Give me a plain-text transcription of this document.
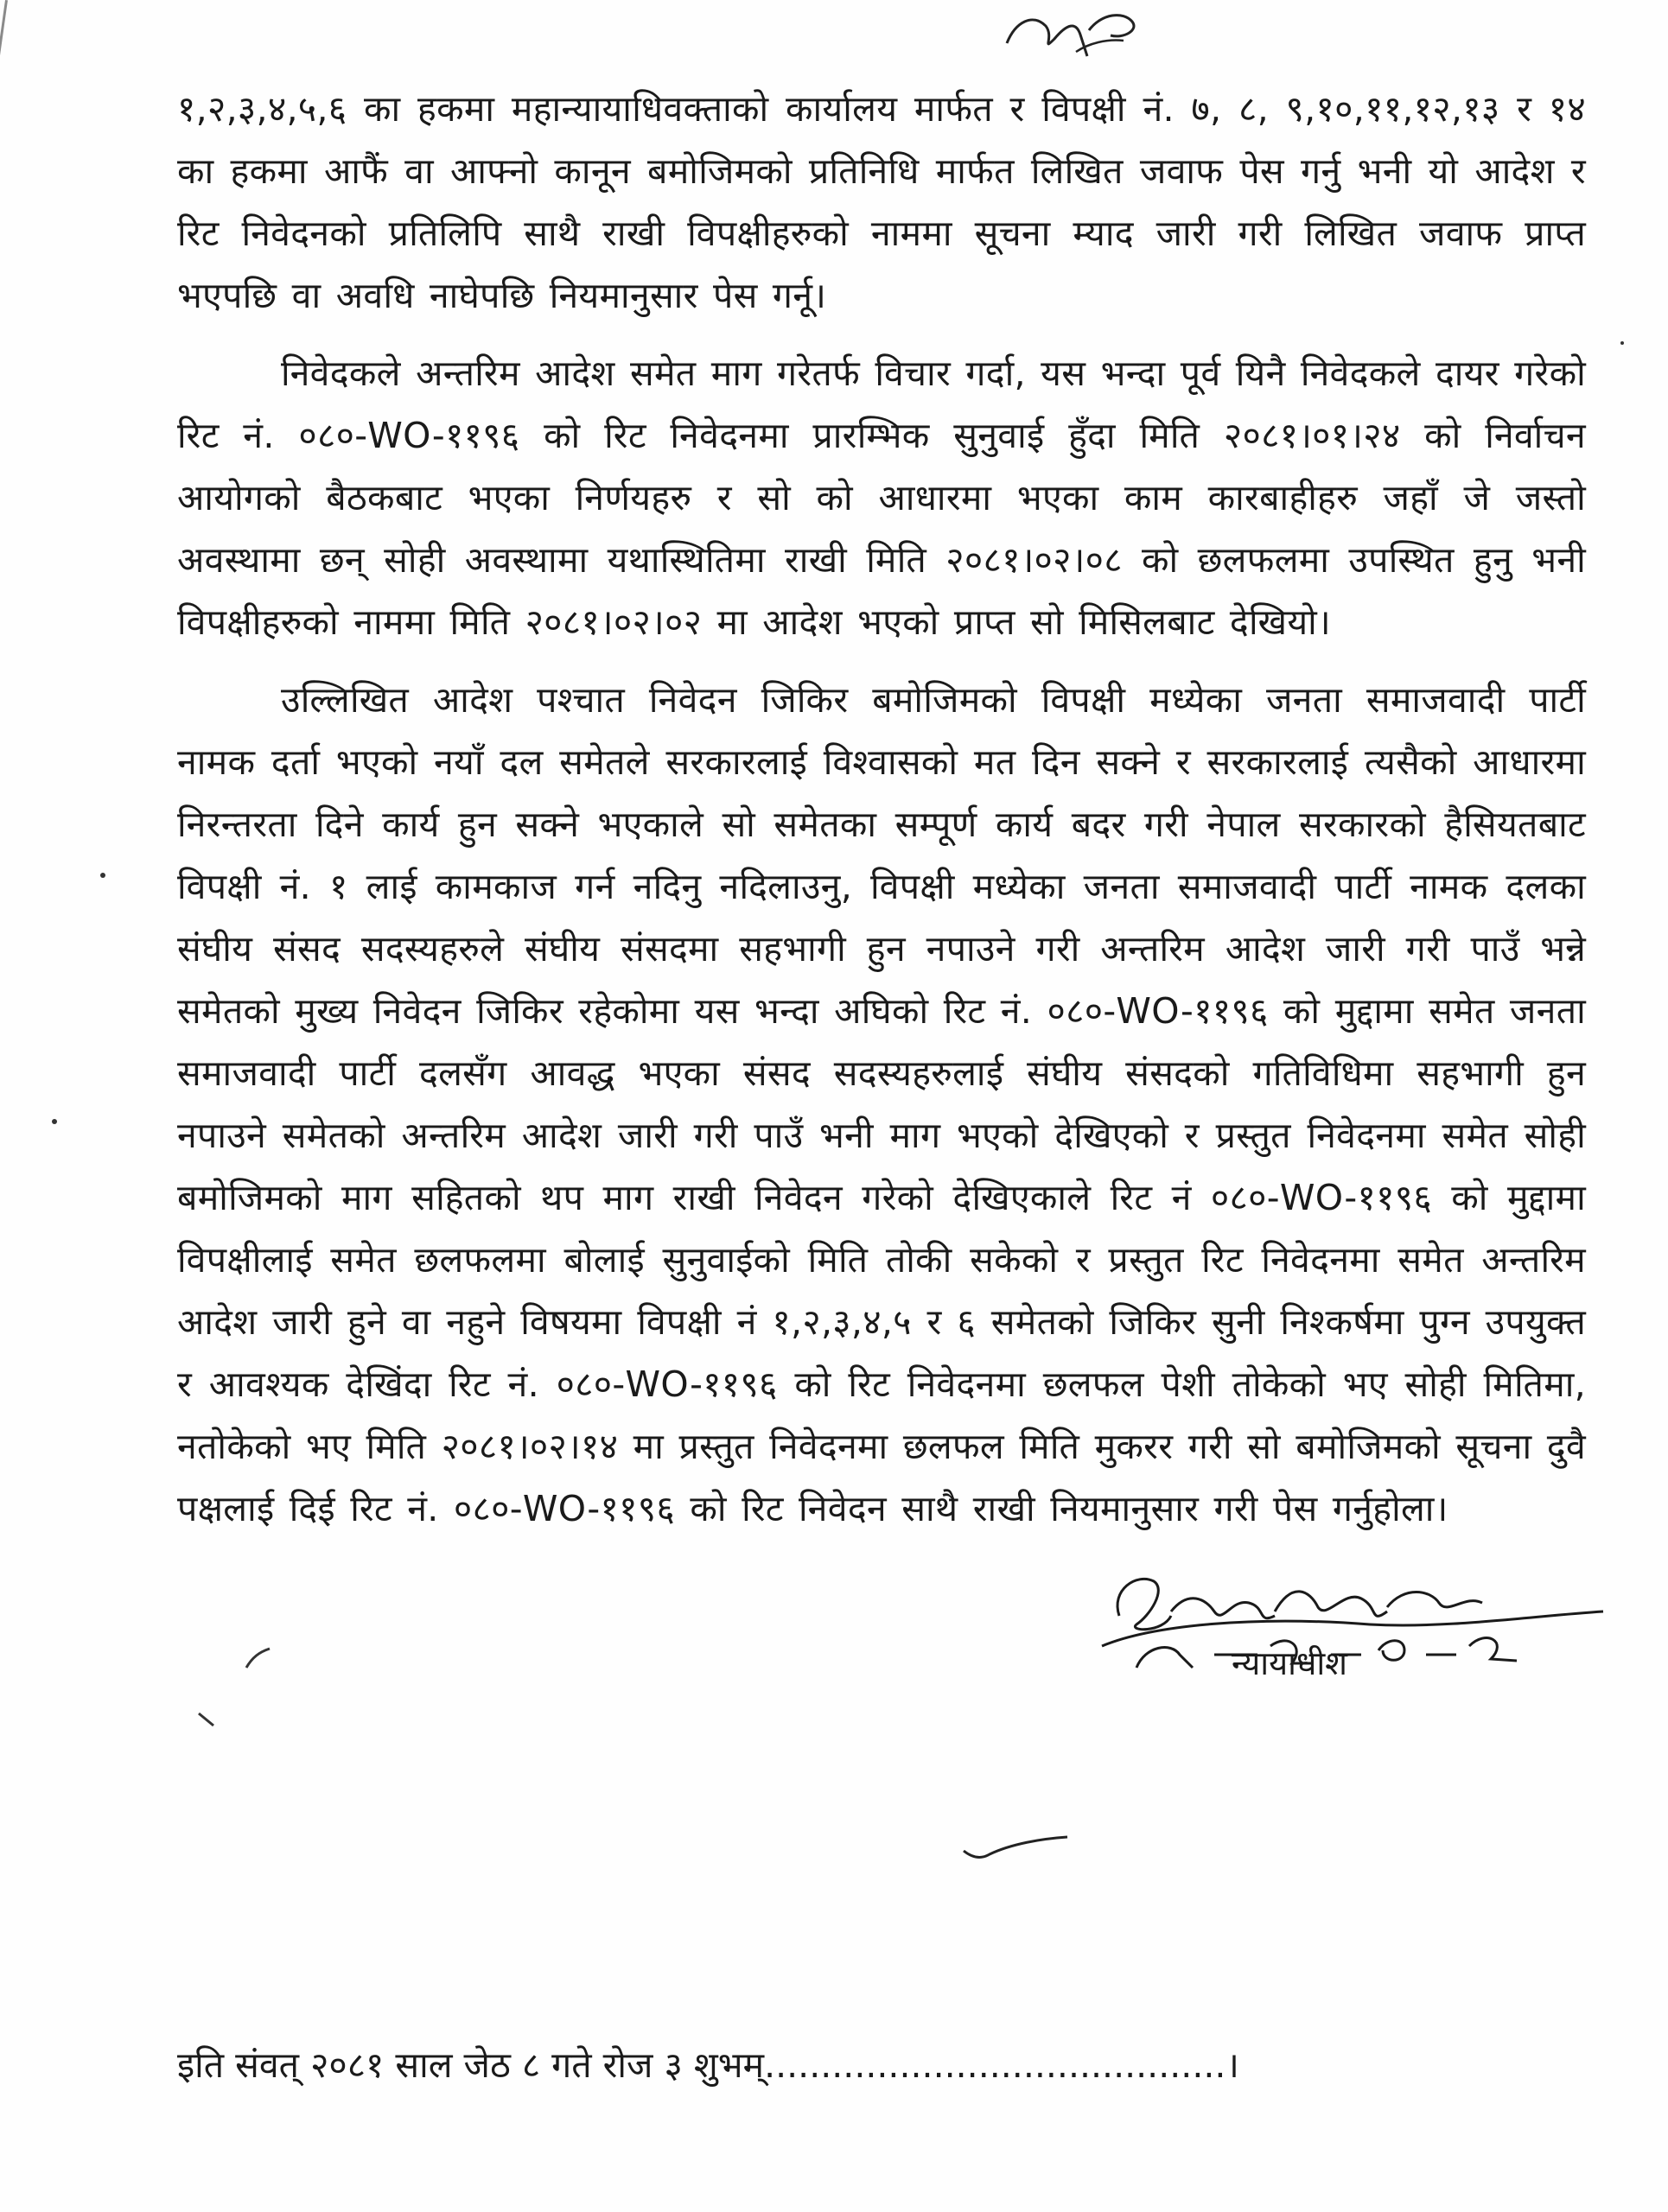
१,२,३,४,५,६ का हकमा महान्यायाधिवक्ताको कार्यालय मार्फत र विपक्षी नं. ७, ८, ९,१०,११,१२,१३ र १४ का हकमा आफैं वा आफ्नो कानून बमोजिमको प्रतिनिधि मार्फत लिखित जवाफ पेस गर्नु भनी यो आदेश र रिट निवेदनको प्रतिलिपि साथै राखी विपक्षीहरुको नाममा सूचना म्याद जारी गरी लिखित जवाफ प्राप्त भएपछि वा अवधि नाघेपछि नियमानुसार पेस गर्नू।

निवेदकले अन्तरिम आदेश समेत माग गरेतर्फ विचार गर्दा, यस भन्दा पूर्व यिनै निवेदकले दायर गरेको रिट नं. ०८०-WO-११९६ को रिट निवेदनमा प्रारम्भिक सुनुवाई हुँदा मिति २०८१।०१।२४ को निर्वाचन आयोगको बैठकबाट भएका निर्णयहरु र सो को आधारमा भएका काम कारबाहीहरु जहाँ जे जस्तो अवस्थामा छन् सोही अवस्थामा यथास्थितिमा राखी मिति २०८१।०२।०८ को छलफलमा उपस्थित हुनु भनी विपक्षीहरुको नाममा मिति २०८१।०२।०२ मा आदेश भएको प्राप्त सो मिसिलबाट देखियो।

उल्लिखित आदेश पश्चात निवेदन जिकिर बमोजिमको विपक्षी मध्येका जनता समाजवादी पार्टी नामक दर्ता भएको नयाँ दल समेतले सरकारलाई विश्वासको मत दिन सक्ने र सरकारलाई त्यसैको आधारमा निरन्तरता दिने कार्य हुन सक्ने भएकाले सो समेतका सम्पूर्ण कार्य बदर गरी नेपाल सरकारको हैसियतबाट विपक्षी नं. १ लाई कामकाज गर्न नदिनु नदिलाउनु, विपक्षी मध्येका जनता समाजवादी पार्टी नामक दलका संघीय संसद सदस्यहरुले संघीय संसदमा सहभागी हुन नपाउने गरी अन्तरिम आदेश जारी गरी पाउँ भन्ने समेतको मुख्य निवेदन जिकिर रहेकोमा यस भन्दा अघिको रिट नं. ०८०-WO-११९६ को मुद्दामा समेत जनता समाजवादी पार्टी दलसँग आवद्ध भएका संसद सदस्यहरुलाई संघीय संसदको गतिविधिमा सहभागी हुन नपाउने समेतको अन्तरिम आदेश जारी गरी पाउँ भनी माग भएको देखिएको र प्रस्तुत निवेदनमा समेत सोही बमोजिमको माग सहितको थप माग राखी निवेदन गरेको देखिएकाले रिट नं ०८०-WO-११९६ को मुद्दामा विपक्षीलाई समेत छलफलमा बोलाई सुनुवाईको मिति तोकी सकेको र प्रस्तुत रिट निवेदनमा समेत अन्तरिम आदेश जारी हुने वा नहुने विषयमा विपक्षी नं १,२,३,४,५ र ६ समेतको जिकिर सुनी निश्कर्षमा पुग्न उपयुक्त र आवश्यक देखिंदा रिट नं. ०८०-WO-११९६ को रिट निवेदनमा छलफल पेशी तोकेको भए सोही मितिमा, नतोकेको भए मिति २०८१।०२।१४ मा प्रस्तुत निवेदनमा छलफल मिति मुकरर गरी सो बमोजिमको सूचना दुवै पक्षलाई दिई रिट नं. ०८०-WO-११९६ को रिट निवेदन साथै राखी नियमानुसार गरी पेस गर्नुहोला।

न्यायाधीश
इति संवत् २०८१ साल जेठ ८ गते रोज ३ शुभम्.........................................।
